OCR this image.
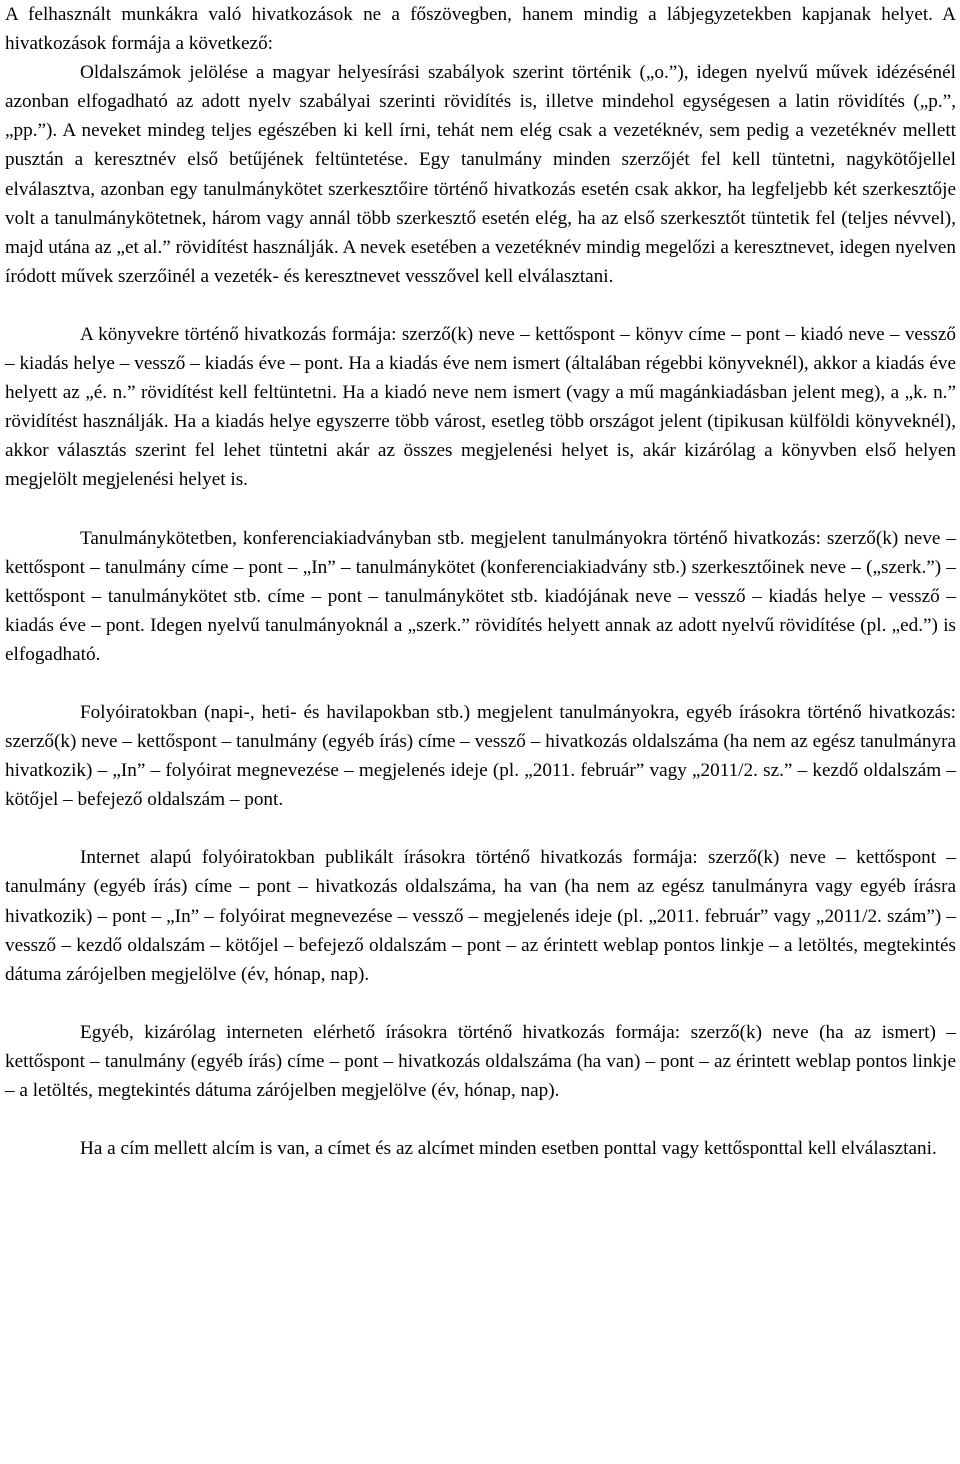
A felhasznált munkákra való hivatkozások ne a főszövegben, hanem mindig a lábjegyzetekben kapjanak helyet. A hivatkozások formája a következő:

Oldalszámok jelölése a magyar helyesírási szabályok szerint történik („o.”), idegen nyelvű művek idézésénél azonban elfogadható az adott nyelv szabályai szerinti rövidítés is, illetve mindehol egységesen a latin rövidítés („p.”, „pp.”). A neveket mindeg teljes egészében ki kell írni, tehát nem elég csak a vezetéknév, sem pedig a vezetéknév mellett pusztán a keresztnév első betűjének feltüntetése. Egy tanulmány minden szerzőjét fel kell tüntetni, nagykötőjellel elválasztva, azonban egy tanulmánykötet szerkesztőire történő hivatkozás esetén csak akkor, ha legfeljebb két szerkesztője volt a tanulmánykötetnek, három vagy annál több szerkesztő esetén elég, ha az első szerkesztőt tüntetik fel (teljes névvel), majd utána az „et al.” rövidítést használják. A nevek esetében a vezetéknév mindig megelőzi a keresztnevet, idegen nyelven íródott művek szerzőinél a vezeték- és keresztnevet vesszővel kell elválasztani.

A könyvekre történő hivatkozás formája: szerző(k) neve – kettőspont – könyv címe – pont – kiadó neve – vessző – kiadás helye – vessző – kiadás éve – pont. Ha a kiadás éve nem ismert (általában régebbi könyveknél), akkor a kiadás éve helyett az „é. n.” rövidítést kell feltüntetni. Ha a kiadó neve nem ismert (vagy a mű magánkiadásban jelent meg), a „k. n.” rövidítést használják. Ha a kiadás helye egyszerre több várost, esetleg több országot jelent (tipikusan külföldi könyveknél), akkor választás szerint fel lehet tüntetni akár az összes megjelenési helyet is, akár kizárólag a könyvben első helyen megjelölt megjelenési helyet is.

Tanulmánykötetben, konferenciakiadványban stb. megjelent tanulmányokra történő hivatkozás: szerző(k) neve – kettőspont – tanulmány címe – pont – „In” – tanulmánykötet (konferenciakiadvány stb.) szerkesztőinek neve – („szerk.”) – kettőspont – tanulmánykötet stb. címe – pont – tanulmánykötet stb. kiadójának neve – vessző – kiadás helye – vessző – kiadás éve – pont. Idegen nyelvű tanulmányoknál a „szerk.” rövidítés helyett annak az adott nyelvű rövidítése (pl. „ed.”) is elfogadható.

Folyóiratokban (napi-, heti- és havilapokban stb.) megjelent tanulmányokra, egyéb írásokra történő hivatkozás: szerző(k) neve – kettőspont – tanulmány (egyéb írás) címe – vessző – hivatkozás oldalszáma (ha nem az egész tanulmányra hivatkozik) – „In” – folyóirat megnevezése – megjelenés ideje (pl. „2011. február” vagy „2011/2. sz.” – kezdő oldalszám – kötőjel – befejező oldalszám – pont.

Internet alapú folyóiratokban publikált írásokra történő hivatkozás formája: szerző(k) neve – kettőspont – tanulmány (egyéb írás) címe – pont – hivatkozás oldalszáma, ha van (ha nem az egész tanulmányra vagy egyéb írásra hivatkozik) – pont – „In” – folyóirat megnevezése – vessző – megjelenés ideje (pl. „2011. február” vagy „2011/2. szám”) – vessző – kezdő oldalszám – kötőjel – befejező oldalszám – pont – az érintett weblap pontos linkje – a letöltés, megtekintés dátuma zárójelben megjelölve (év, hónap, nap).

Egyéb, kizárólag interneten elérhető írásokra történő hivatkozás formája: szerző(k) neve (ha az ismert) – kettőspont – tanulmány (egyéb írás) címe – pont – hivatkozás oldalszáma (ha van) – pont – az érintett weblap pontos linkje – a letöltés, megtekintés dátuma zárójelben megjelölve (év, hónap, nap).

Ha a cím mellett alcím is van, a címet és az alcímet minden esetben ponttal vagy kettősponttal kell elválasztani.
